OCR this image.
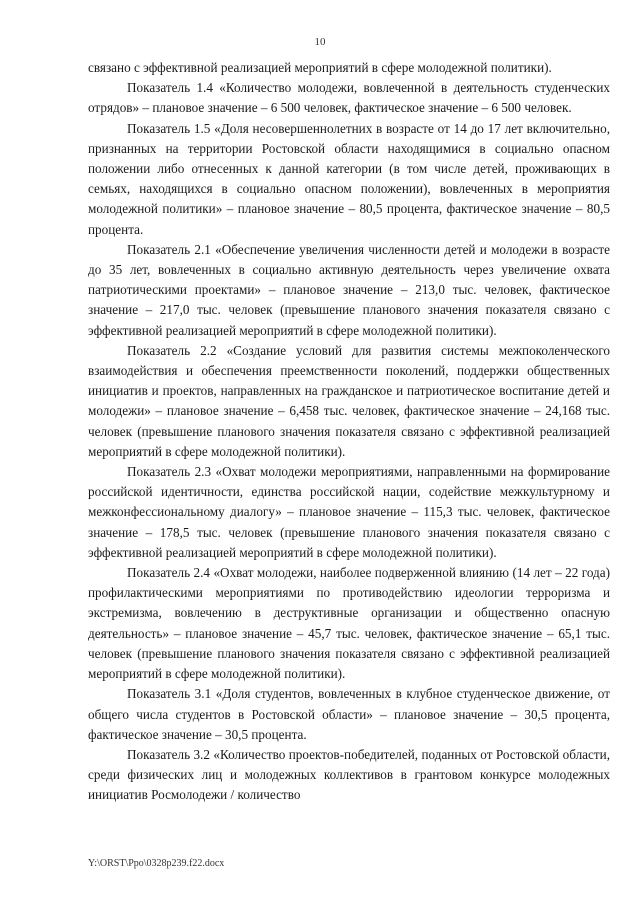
10

связано с эффективной реализацией мероприятий в сфере молодежной политики).

Показатель 1.4 «Количество молодежи, вовлеченной в деятельность студенческих отрядов» – плановое значение – 6 500 человек, фактическое значение – 6 500 человек.

Показатель 1.5 «Доля несовершеннолетних в возрасте от 14 до 17 лет включительно, признанных на территории Ростовской области находящимися в социально опасном положении либо отнесенных к данной категории (в том числе детей, проживающих в семьях, находящихся в социально опасном положении), вовлеченных в мероприятия молодежной политики» – плановое значение – 80,5 процента, фактическое значение – 80,5 процента.

Показатель 2.1 «Обеспечение увеличения численности детей и молодежи в возрасте до 35 лет, вовлеченных в социально активную деятельность через увеличение охвата патриотическими проектами» – плановое значение – 213,0 тыс. человек, фактическое значение – 217,0 тыс. человек (превышение планового значения показателя связано с эффективной реализацией мероприятий в сфере молодежной политики).

Показатель 2.2 «Создание условий для развития системы межпоколенческого взаимодействия и обеспечения преемственности поколений, поддержки общественных инициатив и проектов, направленных на гражданское и патриотическое воспитание детей и молодежи» – плановое значение – 6,458 тыс. человек, фактическое значение – 24,168 тыс. человек (превышение планового значения показателя связано с эффективной реализацией мероприятий в сфере молодежной политики).

Показатель 2.3 «Охват молодежи мероприятиями, направленными на формирование российской идентичности, единства российской нации, содействие межкультурному и межконфессиональному диалогу» – плановое значение – 115,3 тыс. человек, фактическое значение – 178,5 тыс. человек (превышение планового значения показателя связано с эффективной реализацией мероприятий в сфере молодежной политики).

Показатель 2.4 «Охват молодежи, наиболее подверженной влиянию (14 лет – 22 года) профилактическими мероприятиями по противодействию идеологии терроризма и экстремизма, вовлечению в деструктивные организации и общественно опасную деятельность» – плановое значение – 45,7 тыс. человек, фактическое значение – 65,1 тыс. человек (превышение планового значения показателя связано с эффективной реализацией мероприятий в сфере молодежной политики).

Показатель 3.1 «Доля студентов, вовлеченных в клубное студенческое движение, от общего числа студентов в Ростовской области» – плановое значение – 30,5 процента, фактическое значение – 30,5 процента.

Показатель 3.2 «Количество проектов-победителей, поданных от Ростовской области, среди физических лиц и молодежных коллективов в грантовом конкурсе молодежных инициатив Росмолодежи / количество

Y:\ORST\Ppo\0328p239.f22.docx
